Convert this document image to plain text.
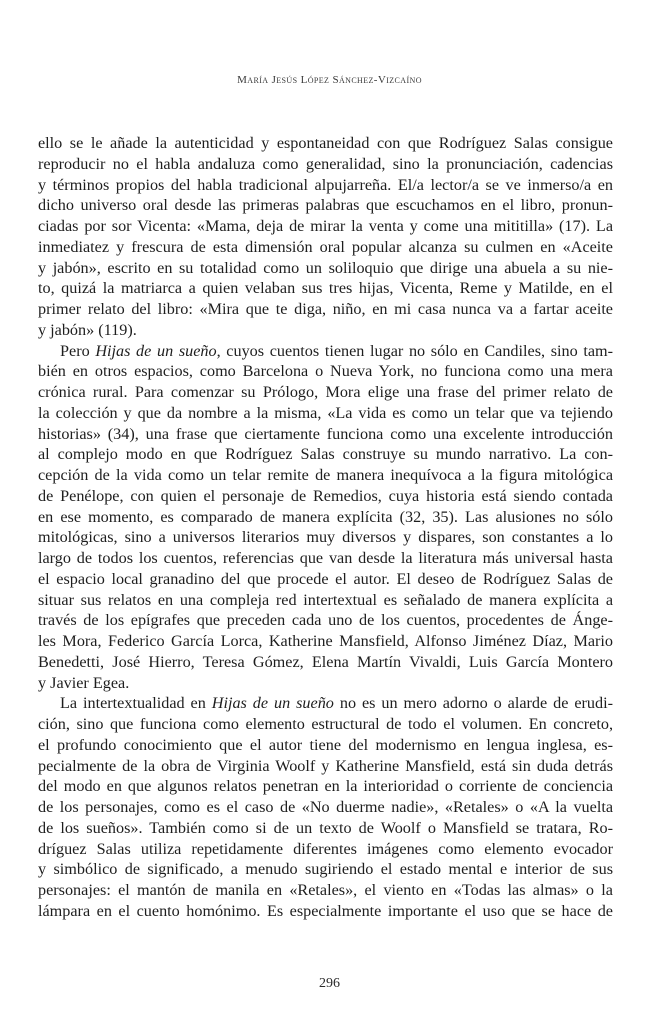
María Jesús López Sánchez-Vizcaíno
ello se le añade la autenticidad y espontaneidad con que Rodríguez Salas consigue
reproducir no el habla andaluza como generalidad, sino la pronunciación, cadencias
y términos propios del habla tradicional alpujarreña. El/a lector/a se ve inmerso/a en
dicho universo oral desde las primeras palabras que escuchamos en el libro, pronun-
ciadas por sor Vicenta: «Mama, deja de mirar la venta y come una mititilla» (17). La
inmediatez y frescura de esta dimensión oral popular alcanza su culmen en «Aceite
y jabón», escrito en su totalidad como un soliloquio que dirige una abuela a su nie-
to, quizá la matriarca a quien velaban sus tres hijas, Vicenta, Reme y Matilde, en el
primer relato del libro: «Mira que te diga, niño, en mi casa nunca va a fartar aceite
y jabón» (119).
Pero Hijas de un sueño, cuyos cuentos tienen lugar no sólo en Candiles, sino tam-
bién en otros espacios, como Barcelona o Nueva York, no funciona como una mera
crónica rural. Para comenzar su Prólogo, Mora elige una frase del primer relato de
la colección y que da nombre a la misma, «La vida es como un telar que va tejiendo
historias» (34), una frase que ciertamente funciona como una excelente introducción
al complejo modo en que Rodríguez Salas construye su mundo narrativo. La con-
cepción de la vida como un telar remite de manera inequívoca a la figura mitológica
de Penélope, con quien el personaje de Remedios, cuya historia está siendo contada
en ese momento, es comparado de manera explícita (32, 35). Las alusiones no sólo
mitológicas, sino a universos literarios muy diversos y dispares, son constantes a lo
largo de todos los cuentos, referencias que van desde la literatura más universal hasta
el espacio local granadino del que procede el autor. El deseo de Rodríguez Salas de
situar sus relatos en una compleja red intertextual es señalado de manera explícita a
través de los epígrafes que preceden cada uno de los cuentos, procedentes de Ánge-
les Mora, Federico García Lorca, Katherine Mansfield, Alfonso Jiménez Díaz, Mario
Benedetti, José Hierro, Teresa Gómez, Elena Martín Vivaldi, Luis García Montero
y Javier Egea.
La intertextualidad en Hijas de un sueño no es un mero adorno o alarde de erudi-
ción, sino que funciona como elemento estructural de todo el volumen. En concreto,
el profundo conocimiento que el autor tiene del modernismo en lengua inglesa, es-
pecialmente de la obra de Virginia Woolf y Katherine Mansfield, está sin duda detrás
del modo en que algunos relatos penetran en la interioridad o corriente de conciencia
de los personajes, como es el caso de «No duerme nadie», «Retales» o «A la vuelta
de los sueños». También como si de un texto de Woolf o Mansfield se tratara, Ro-
dríguez Salas utiliza repetidamente diferentes imágenes como elemento evocador
y simbólico de significado, a menudo sugiriendo el estado mental e interior de sus
personajes: el mantón de manila en «Retales», el viento en «Todas las almas» o la
lámpara en el cuento homónimo. Es especialmente importante el uso que se hace de
296
